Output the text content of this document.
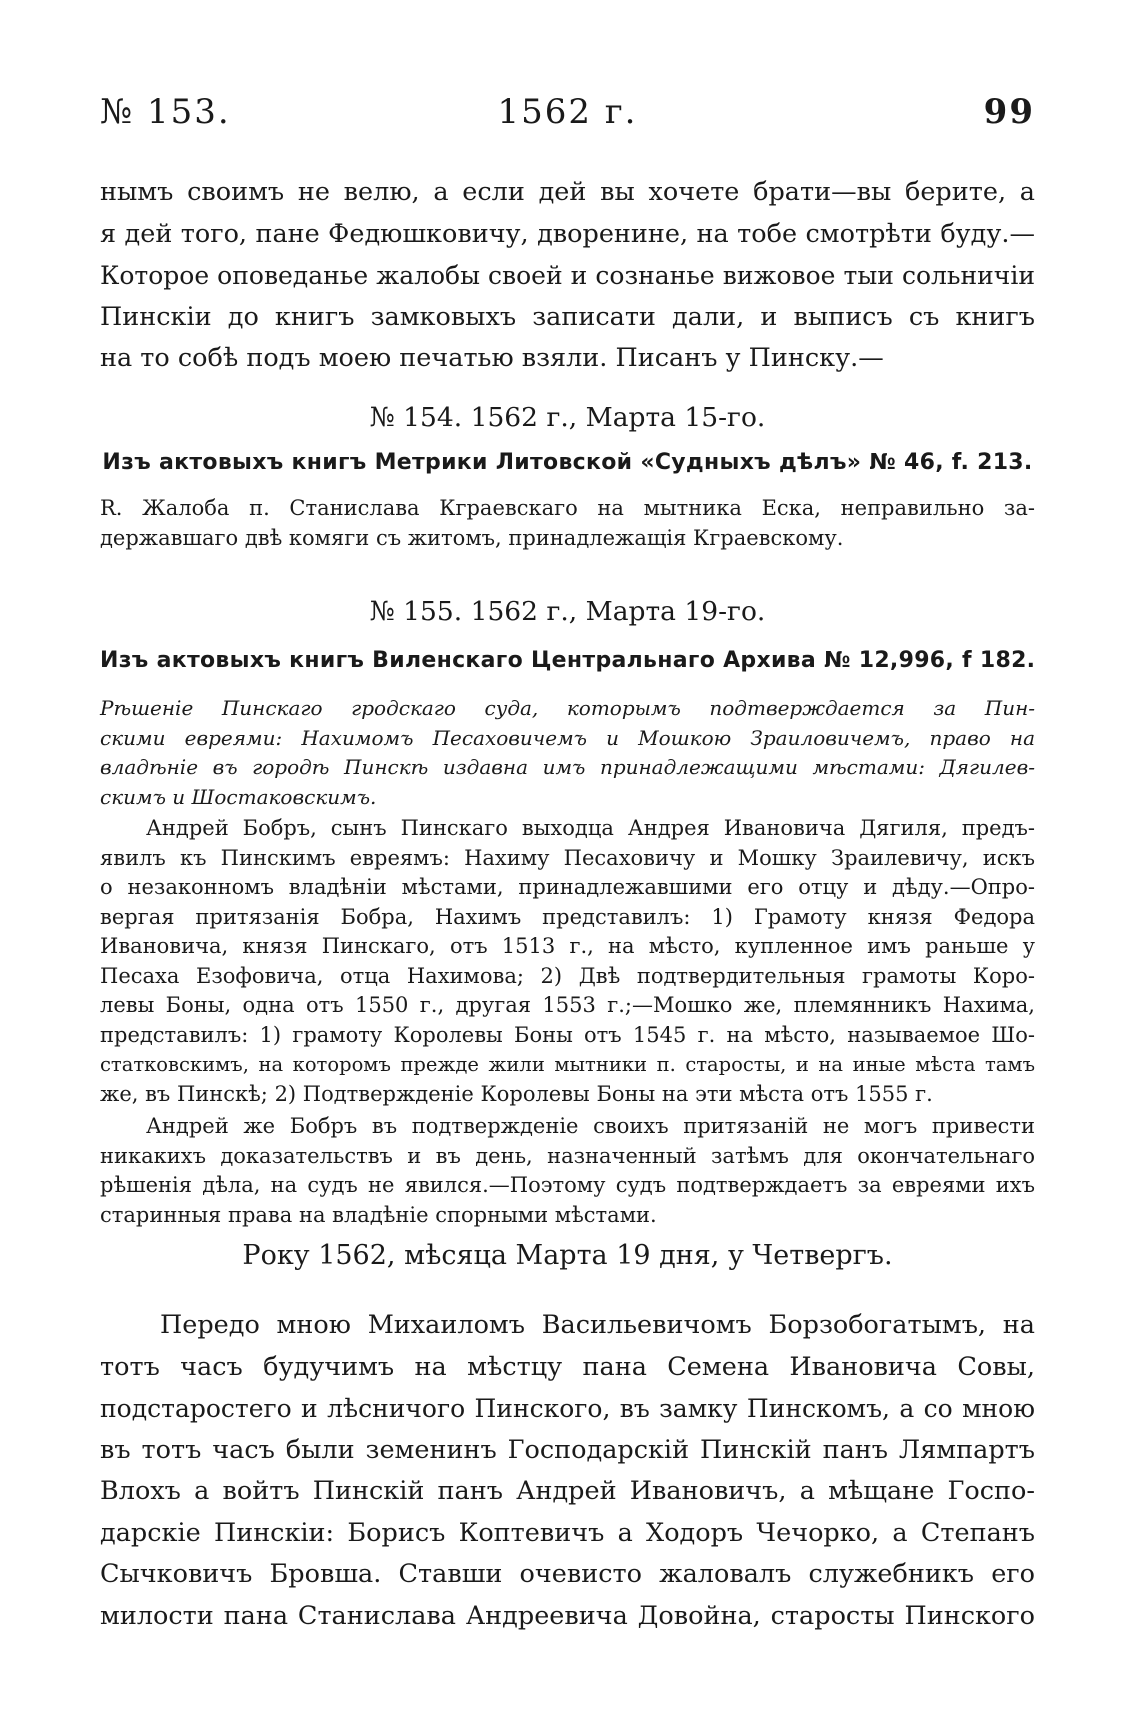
№ 153.	1562 г.	99
нымъ своимъ не велю, а если дей вы хочете брати—вы берите, а
я дей того, пане Федюшковичу, дворенине, на тобе смотрѣти буду.—
Которое оповеданье жалобы своей и сознанье вижовое тыи сольничіи
Пинскіи до книгъ замковыхъ записати дали, и выписъ съ книгъ
на то собѣ подъ моею печатью взяли. Писанъ у Пинску.—
№ 154. 1562 г., Марта 15-го.
Изъ актовыхъ книгъ Метрики Литовской «Судныхъ дѣлъ» № 46, f. 213.
R. Жалоба п. Станислава Кграевскаго на мытника Еска, неправильно за-
державшаго двѣ комяги съ житомъ, принадлежащія Кграевскому.
№ 155. 1562 г., Марта 19-го.
Изъ актовыхъ книгъ Виленскаго Центральнаго Архива № 12,996, f 182.
Рѣшеніе Пинскаго гродскаго суда, которымъ подтверждается за Пин-
скими евреями: Нахимомъ Песаховичемъ и Мошкою Зраиловичемъ, право на
владѣніе въ городѣ Пинскѣ издавна имъ принадлежащими мѣстами: Дягилев-
скимъ и Шостаковскимъ.
Андрей Бобръ, сынъ Пинскаго выходца Андрея Ивановича Дягиля, предъ-
явилъ къ Пинскимъ евреямъ: Нахиму Песаховичу и Мошку Зраилевичу, искъ
о незаконномъ владѣніи мѣстами, принадлежавшими его отцу и дѣду.—Опро-
вергая притязанія Бобра, Нахимъ представилъ: 1) Грамоту князя Федора
Ивановича, князя Пинскаго, отъ 1513 г., на мѣсто, купленное имъ раньше у
Песаха Езофовича, отца Нахимова; 2) Двѣ подтвердительныя грамоты Коро-
левы Боны, одна отъ 1550 г., другая 1553 г.;—Мошко же, племянникъ Нахима,
представилъ: 1) грамоту Королевы Боны отъ 1545 г. на мѣсто, называемое Шо-
статковскимъ, на которомъ прежде жили мытники п. старосты, и на иные мѣста тамъ
же, въ Пинскѣ; 2) Подтвержденіе Королевы Боны на эти мѣста отъ 1555 г.
Андрей же Бобръ въ подтвержденіе своихъ притязаній не могъ привести
никакихъ доказательствъ и въ день, назначенный затѣмъ для окончательнаго
рѣшенія дѣла, на судъ не явился.—Поэтому судъ подтверждаетъ за евреями ихъ
старинныя права на владѣніе спорными мѣстами.
Року 1562, мѣсяца Марта 19 дня, у Четвергъ.
Передо мною Михаиломъ Васильевичомъ Борзобогатымъ, на
тотъ часъ будучимъ на мѣстцу пана Семена Ивановича Совы,
подстаростего и лѣсничого Пинского, въ замку Пинскомъ, а со мною
въ тотъ часъ были земенинъ Господарскій Пинскій панъ Лямпартъ
Влохъ а войтъ Пинскій панъ Андрей Ивановичъ, а мѣщане Госпо-
дарскіе Пинскіи: Борисъ Коптевичъ а Ходоръ Чечорко, а Степанъ
Сычковичъ Бровша. Ставши очевисто жаловалъ служебникъ его
милости пана Станислава Андреевича Довойна, старосты Пинского
